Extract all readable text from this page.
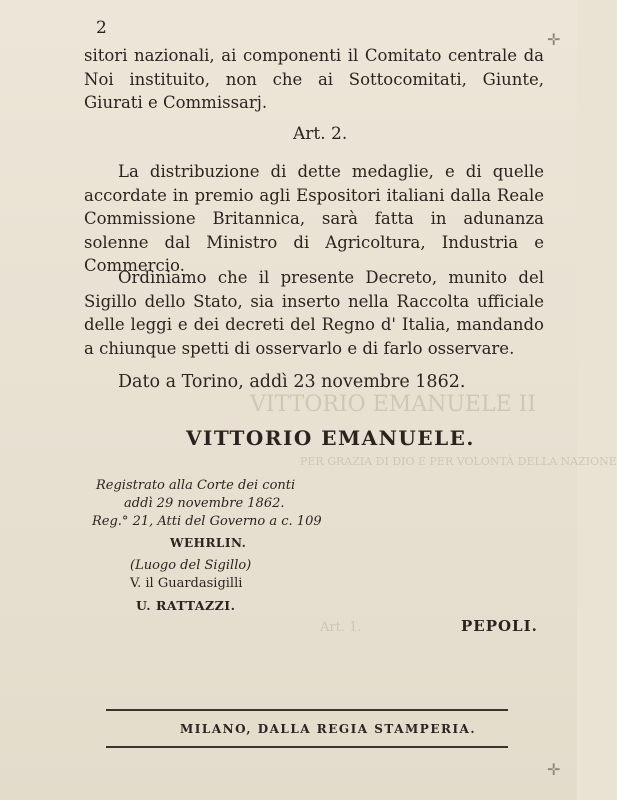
VITTORIO EMANUELE II
PER GRAZIA DI DIO E PER VOLONTÀ DELLA NAZIONE
Art. 1.
2
sitori nazionali, ai componenti il Comitato centrale da Noi instituito, non che ai Sottocomitati, Giunte, Giurati e Commissarj.
Art. 2.
La distribuzione di dette medaglie, e di quelle accordate in premio agli Espositori italiani dalla Reale Commissione Britannica, sarà fatta in adunanza solenne dal Ministro di Agricoltura, Industria e Commercio.
Ordiniamo che il presente Decreto, munito del Sigillo dello Stato, sia inserto nella Raccolta ufficiale delle leggi e dei decreti del Regno d' Italia, mandando a chiunque spetti di osservarlo e di farlo osservare.
Dato a Torino, addì 23 novembre 1862.
VITTORIO EMANUELE.
Registrato alla Corte dei conti
addì 29 novembre 1862.
Reg.° 21, Atti del Governo a c. 109
WEHRLIN.
(Luogo del Sigillo)
V. il Guardasigilli
U. RATTAZZI.
PEPOLI.
MILANO, DALLA REGIA STAMPERIA.
✛
✛
